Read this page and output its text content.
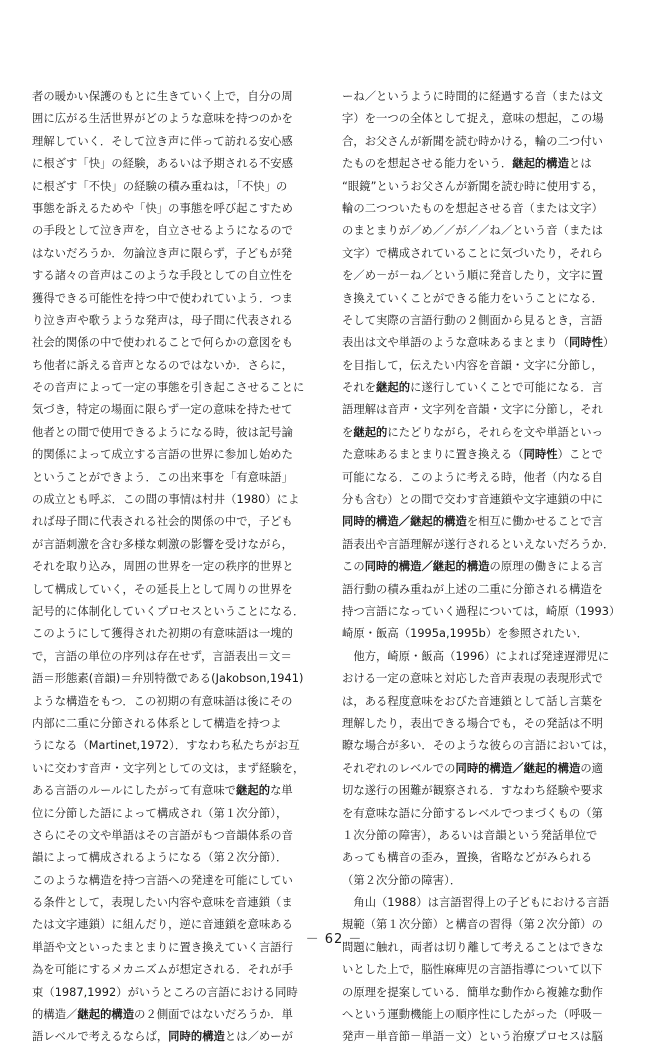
者の暖かい保護のもとに生きていく上で，自分の周
囲に広がる生活世界がどのような意味を持つのかを
理解していく．そして泣き声に伴って訪れる安心感
に根ざす「快」の経験，あるいは予期される不安感
に根ざす「不快」の経験の積み重ねは，「不快」の
事態を訴えるためや「快」の事態を呼び起こすため
の手段として泣き声を，自立させるようになるので
はないだろうか．勿論泣き声に限らず，子どもが発
する諸々の音声はこのような手段としての自立性を
獲得できる可能性を持つ中で使われていよう．つま
り泣き声や歌うような発声は，母子間に代表される
社会的関係の中で使われることで何らかの意図をも
ち他者に訴える音声となるのではないか．さらに，
その音声によって一定の事態を引き起こさせることに
気づき，特定の場面に限らず一定の意味を持たせて
他者との間で使用できるようになる時，彼は記号論
的関係によって成立する言語の世界に参加し始めた
ということができよう．この出来事を「有意味語」
の成立とも呼ぶ．この間の事情は村井（1980）によ
れば母子間に代表される社会的関係の中で，子ども
が言語刺激を含む多様な刺激の影響を受けながら，
それを取り込み，周囲の世界を一定の秩序的世界と
して構成していく，その延長上として周りの世界を
記号的に体制化していくプロセスということになる．
このようにして獲得された初期の有意味語は一塊的
で，言語の単位の序列は存在せず，言語表出＝文＝
語＝形態素(音韻)＝弁別特徴である(Jakobson,1941)
ような構造をもつ．この初期の有意味語は後にその
内部に二重に分節される体系として構造を持つよ
うになる（Martinet,1972）．すなわち私たちがお互
いに交わす音声・文字列としての文は，まず経験を，
ある言語のルールにしたがって有意味で継起的な単
位に分節した語によって構成され（第１次分節），
さらにその文や単語はその言語がもつ音韻体系の音
韻によって構成されるようになる（第２次分節）．
このような構造を持つ言語への発達を可能にしてい
る条件として，表現したい内容や意味を音連鎖（ま
たは文字連鎖）に組んだり，逆に音連鎖を意味ある
単語や文といったまとまりに置き換えていく言語行
為を可能にするメカニズムが想定される．それが手
束（1987,1992）がいうところの言語における同時
的構造／継起的構造の２側面ではないだろうか．単
語レベルで考えるならば，同時的構造とは／めーが
ーね／というように時間的に経過する音（または文
字）を一つの全体として捉え，意味の想起，この場
合，お父さんが新聞を読む時かける，輪の二つ付い
たものを想起させる能力をいう．継起的構造とは
“眼鏡”というお父さんが新聞を読む時に使用する，
輪の二つついたものを想起させる音（または文字）
のまとまりが／め／／が／／ね／という音（または
文字）で構成されていることに気づいたり，それら
を／め－が－ね／という順に発音したり，文字に置
き換えていくことができる能力をいうことになる．
そして実際の言語行動の２側面から見るとき，言語
表出は文や単語のような意味あるまとまり（同時性）
を目指して，伝えたい内容を音韻・文字に分節し，
それを継起的に遂行していくことで可能になる．言
語理解は音声・文字列を音韻・文字に分節し，それ
を継起的にたどりながら，それらを文や単語といっ
た意味あるまとまりに置き換える（同時性）ことで
可能になる．このように考える時，他者（内なる自
分も含む）との間で交わす音連鎖や文字連鎖の中に
同時的構造／継起的構造を相互に働かせることで言
語表出や言語理解が遂行されるといえないだろうか．
この同時的構造／継起的構造の原理の働きによる言
語行動の積み重ねが上述の二重に分節される構造を
持つ言語になっていく過程については，崎原（1993）
崎原・飯高（1995a,1995b）を参照されたい．
　他方，崎原・飯高（1996）によれば発達遅滞児に
おける一定の意味と対応した音声表現の表現形式で
は，ある程度意味をおびた音連鎖として話し言葉を
理解したり，表出できる場合でも，その発話は不明
瞭な場合が多い．そのような彼らの言語においては，
それぞれのレベルでの同時的構造／継起的構造の適
切な遂行の困難が観察される．すなわち経験や要求
を有意味な語に分節するレベルでつまづくもの（第
１次分節の障害），あるいは音韻という発話単位で
あっても構音の歪み，置換，省略などがみられる
（第２次分節の障害）．
　角山（1988）は言語習得上の子どもにおける言語
規範（第１次分節）と構音の習得（第２次分節）の
問題に触れ，両者は切り離して考えることはできな
いとした上で，脳性麻痺児の言語指導について以下
の原理を提案している．簡単な動作から複雑な動作
へという運動機能上の順序性にしたがった（呼吸－
発声－単音節－単語－文）という治療プロセスは脳
－ 62 －
